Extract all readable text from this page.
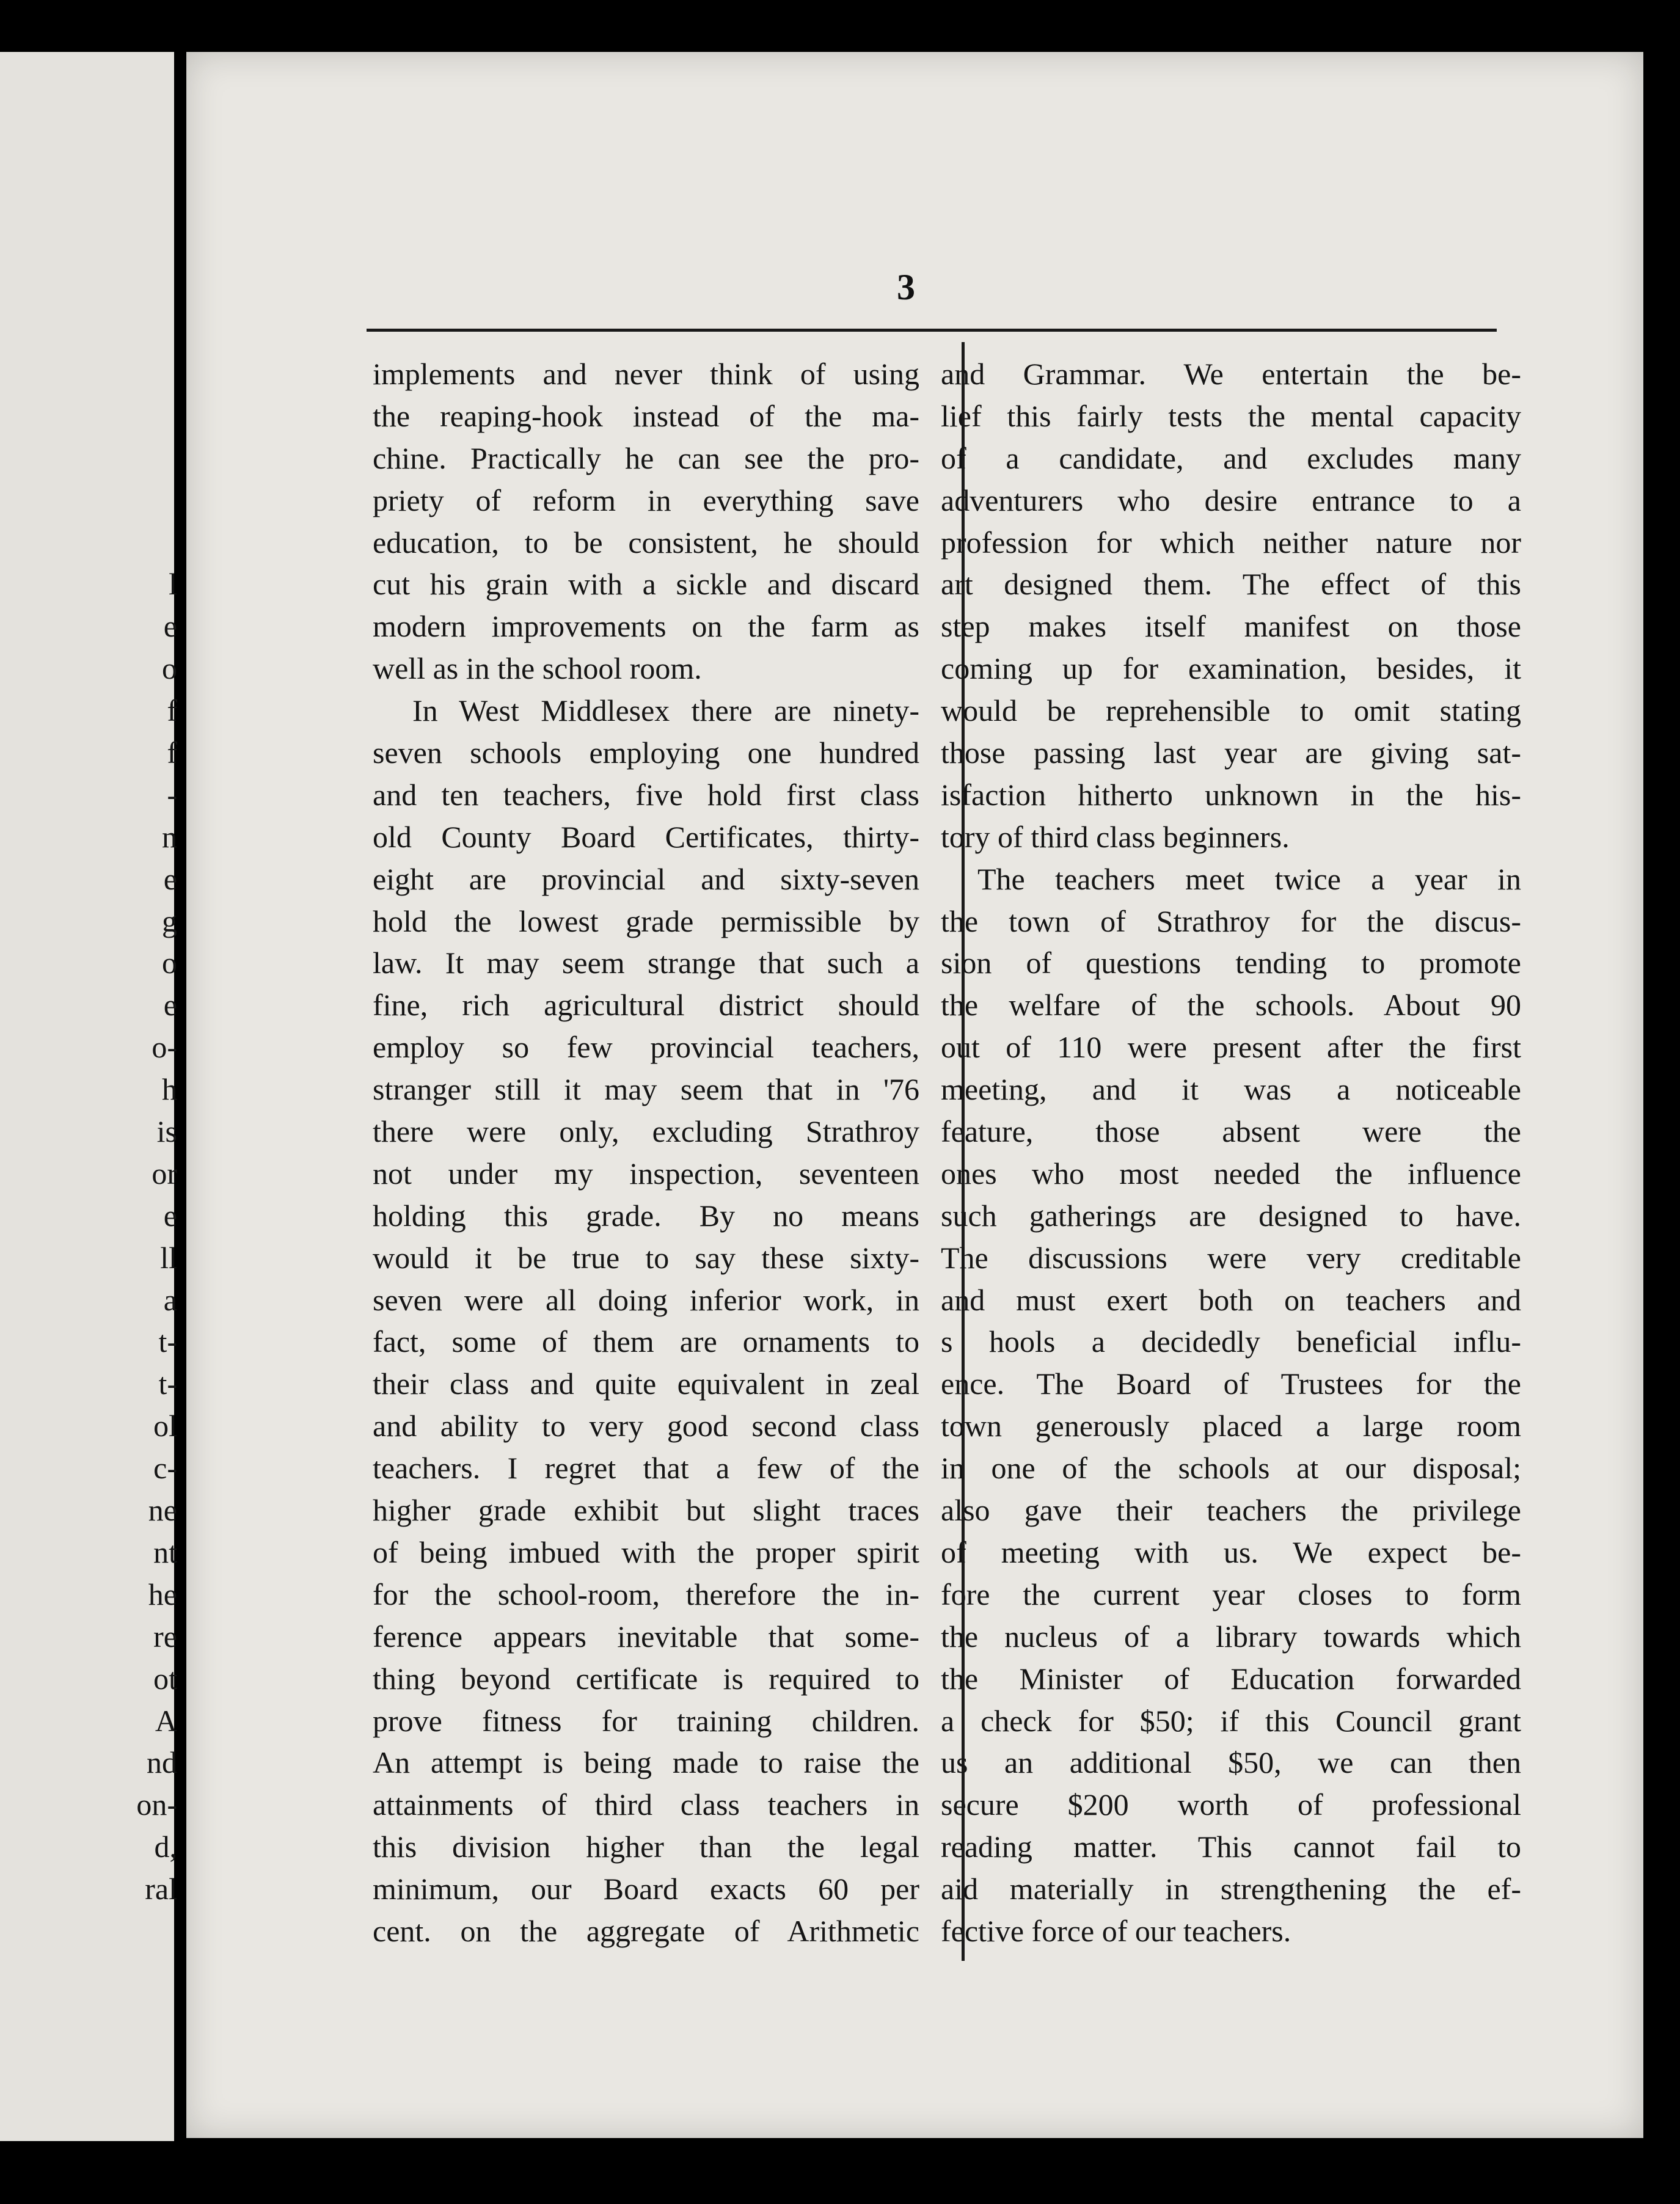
l
e
o
f
f
-
n
e
g
o
e
o-
h
is
or
e
ll
a
t-
t-
ol
c-
ne
nt
he
re
ot
A
nd
on-
d,
ral

3

implements and never think of using
the reaping-hook instead of the ma-
chine. Practically he can see the pro-
priety of reform in everything save
education, to be consistent, he should
cut his grain with a sickle and discard
modern improvements on the farm as
well as in the school room.
In West Middlesex there are ninety-
seven schools employing one hundred
and ten teachers, five hold first class
old County Board Certificates, thirty-
eight are provincial and sixty-seven
hold the lowest grade permissible by
law. It may seem strange that such a
fine, rich agricultural district should
employ so few provincial teachers,
stranger still it may seem that in '76
there were only, excluding Strathroy
not under my inspection, seventeen
holding this grade. By no means
would it be true to say these sixty-
seven were all doing inferior work, in
fact, some of them are ornaments to
their class and quite equivalent in zeal
and ability to very good second class
teachers. I regret that a few of the
higher grade exhibit but slight traces
of being imbued with the proper spirit
for the school-room, therefore the in-
ference appears inevitable that some-
thing beyond certificate is required to
prove fitness for training children.
An attempt is being made to raise the
attainments of third class teachers in
this division higher than the legal
minimum, our Board exacts 60 per
cent. on the aggregate of Arithmetic
and Grammar. We entertain the be-
lief this fairly tests the mental capacity
of a candidate, and excludes many
adventurers who desire entrance to a
profession for which neither nature nor
art designed them. The effect of this
step makes itself manifest on those
coming up for examination, besides, it
would be reprehensible to omit stating
those passing last year are giving sat-
isfaction hitherto unknown in the his-
tory of third class beginners.
The teachers meet twice a year in
the town of Strathroy for the discus-
sion of questions tending to promote
the welfare of the schools. About 90
out of 110 were present after the first
meeting, and it was a noticeable
feature, those absent were the
ones who most needed the influence
such gatherings are designed to have.
The discussions were very creditable
and must exert both on teachers and
s hools a decidedly beneficial influ-
ence. The Board of Trustees for the
town generously placed a large room
in one of the schools at our disposal;
also gave their teachers the privilege
of meeting with us. We expect be-
fore the current year closes to form
the nucleus of a library towards which
the Minister of Education forwarded
a check for $50; if this Council grant
us an additional $50, we can then
secure $200 worth of professional
reading matter. This cannot fail to
aid materially in strengthening the ef-
fective force of our teachers.
